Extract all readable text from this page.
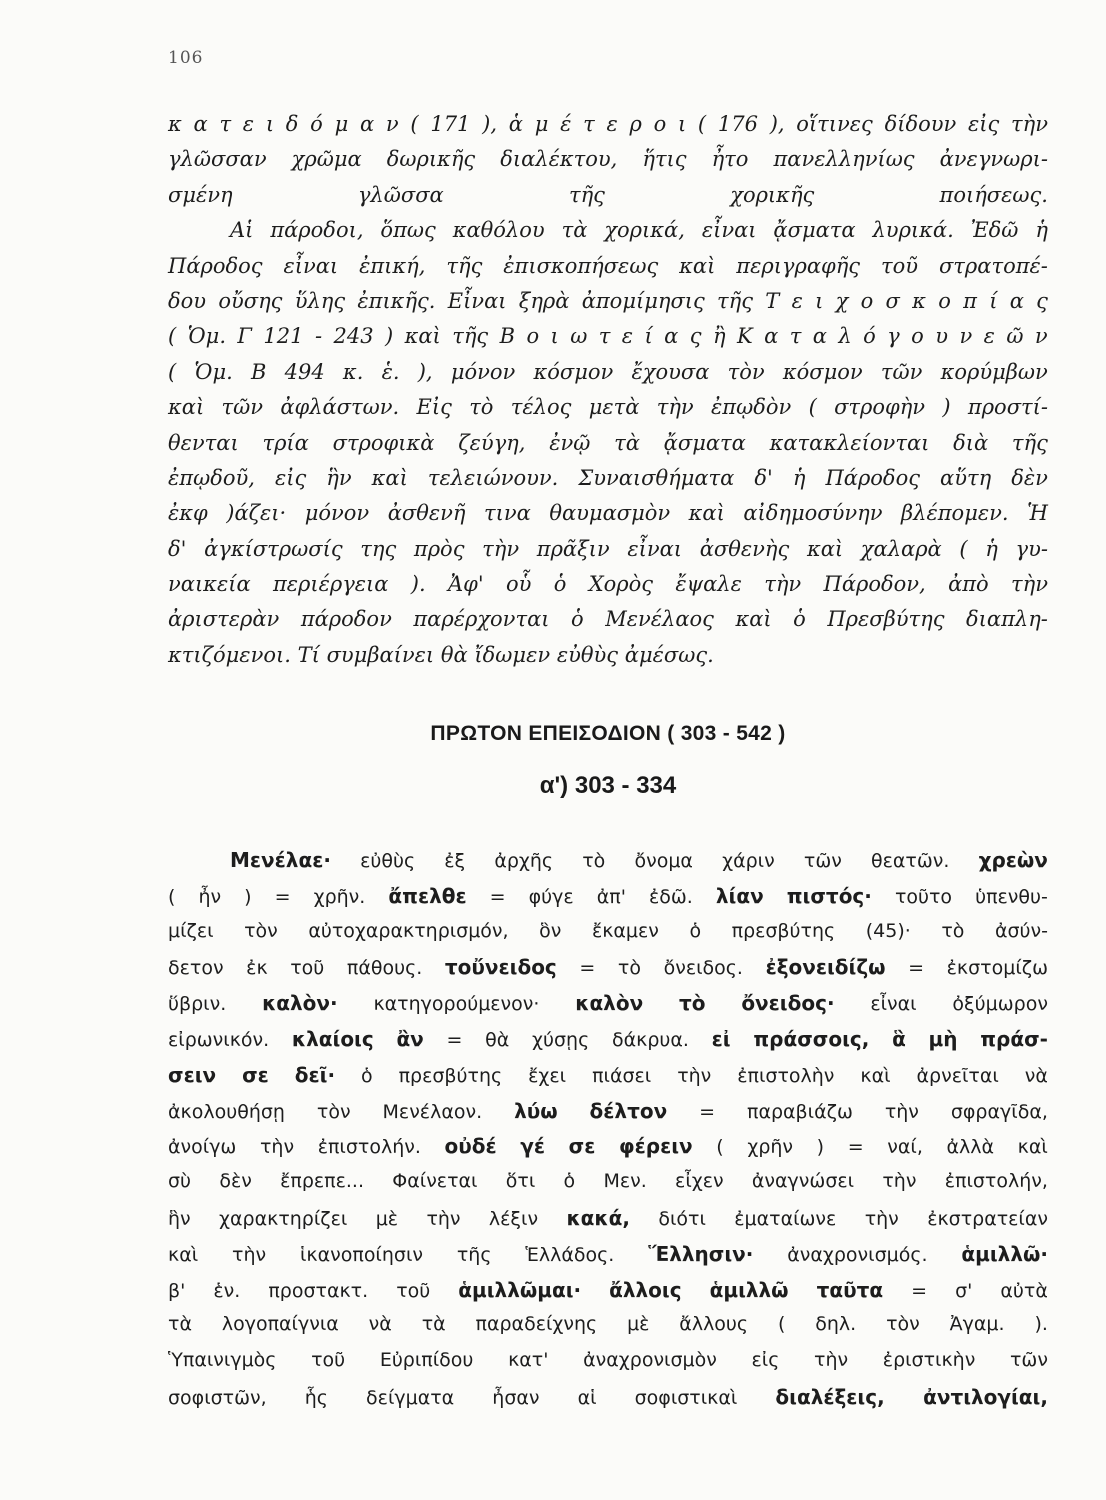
106
κ α τ ε ι δ ό μ α ν ( 171 ), ἁ μ έ τ ε ρ ο ι ( 176 ), οἵτινες δίδουν εἰς τὴν
γλῶσσαν χρῶμα δωρικῆς διαλέκτου, ἥτις ἦτο πανελληνίως ἀνεγνωρι-
σμένη	γλῶσσα	τῆς	χορικῆς	ποιήσεως.
Αἱ πάροδοι, ὅπως καθόλου τὰ χορικά, εἶναι ᾄσματα λυρικά. Ἐδῶ ἡ
Πάροδος εἶναι ἐπική, τῆς ἐπισκοπήσεως καὶ περιγραφῆς τοῦ στρατοπέ-
δου οὔσης ὕλης ἐπικῆς. Εἶναι ξηρὰ ἀπομίμησις τῆς Τ ε ι χ ο σ κ ο π ί α ς
( Ὁμ. Γ 121 - 243 ) καὶ τῆς Β ο ι ω τ ε ί α ς ἢ Κ α τ α λ ό γ ο υ ν ε ῶ ν
( Ὁμ. Β 494 κ. ἑ. ), μόνον κόσμον ἔχουσα τὸν κόσμον τῶν κορύμβων
καὶ τῶν ἀφλάστων. Εἰς τὸ τέλος μετὰ τὴν ἐπῳδὸν ( στροφὴν ) προστί-
θενται τρία στροφικὰ ζεύγη, ἐνῷ τὰ ᾄσματα κατακλείονται διὰ τῆς
ἐπῳδοῦ, εἰς ἣν καὶ τελειώνουν. Συναισθήματα δ' ἡ Πάροδος αὕτη δὲν
ἐκφ )άζει· μόνον ἀσθενῆ τινα θαυμασμὸν καὶ αἰδημοσύνην βλέπομεν. Ἡ
δ' ἀγκίστρωσίς της πρὸς τὴν πρᾶξιν εἶναι ἀσθενὴς καὶ χαλαρὰ ( ἡ γυ-
ναικεία περιέργεια ). Ἀφ' οὗ ὁ Χορὸς ἔψαλε τὴν Πάροδον, ἀπὸ τὴν
ἀριστερὰν πάροδον παρέρχονται ὁ Μενέλαος καὶ ὁ Πρεσβύτης διαπλη-
κτιζόμενοι. Τί συμβαίνει θὰ ἴδωμεν εὐθὺς ἀμέσως.
ΠΡΩΤΟΝ ΕΠΕΙΣΟΔΙΟΝ ( 303 - 542 )
α') 303 - 334
Μενέλαε· εὐθὺς ἐξ ἀρχῆς τὸ ὄνομα χάριν τῶν θεατῶν. χρεὼν
( ἦν ) = χρῆν. ἄπελθε = φύγε ἀπ' ἐδῶ. λίαν πιστός· τοῦτο ὑπενθυ-
μίζει τὸν αὐτοχαρακτηρισμόν, ὃν ἔκαμεν ὁ πρεσβύτης (45)· τὸ ἀσύν-
δετον ἐκ τοῦ πάθους. τοὔνειδος = τὸ ὄνειδος. ἐξονειδίζω = ἐκστομίζω
ὕβριν. καλὸν· κατηγορούμενον· καλὸν τὸ ὄνειδος· εἶναι ὀξύμωρον
εἰρωνικόν. κλαίοις ἂν = θὰ χύσῃς δάκρυα. εἰ πράσσοις, ἃ μὴ πράσ-
σειν σε δεῖ· ὁ πρεσβύτης ἔχει πιάσει τὴν ἐπιστολὴν καὶ ἀρνεῖται νὰ
ἀκολουθήσῃ τὸν Μενέλαον. λύω δέλτον = παραβιάζω τὴν σφραγῖδα,
ἀνοίγω τὴν ἐπιστολήν. οὐδέ γέ σε φέρειν ( χρῆν ) = ναί, ἀλλὰ καὶ
σὺ δὲν ἔπρεπε... Φαίνεται ὅτι ὁ Μεν. εἶχεν ἀναγνώσει τὴν ἐπιστολήν,
ἣν χαρακτηρίζει μὲ τὴν λέξιν κακά, διότι ἐματαίωνε τὴν ἐκστρατείαν
καὶ τὴν ἱκανοποίησιν τῆς Ἑλλάδος. Ἕλλησιν· ἀναχρονισμός. ἁμιλλῶ·
β' ἑν. προστακτ. τοῦ ἁμιλλῶμαι· ἄλλοις ἁμιλλῶ ταῦτα = σ' αὐτὰ
τὰ λογοπαίγνια νὰ τὰ παραδείχνης μὲ ἄλλους ( δηλ. τὸν Ἀγαμ. ).
Ὑπαινιγμὸς τοῦ Εὐριπίδου κατ' ἀναχρονισμὸν εἰς τὴν ἐριστικὴν τῶν
σοφιστῶν, ἧς δείγματα ἦσαν αἱ σοφιστικαὶ διαλέξεις, ἀντιλογίαι,
